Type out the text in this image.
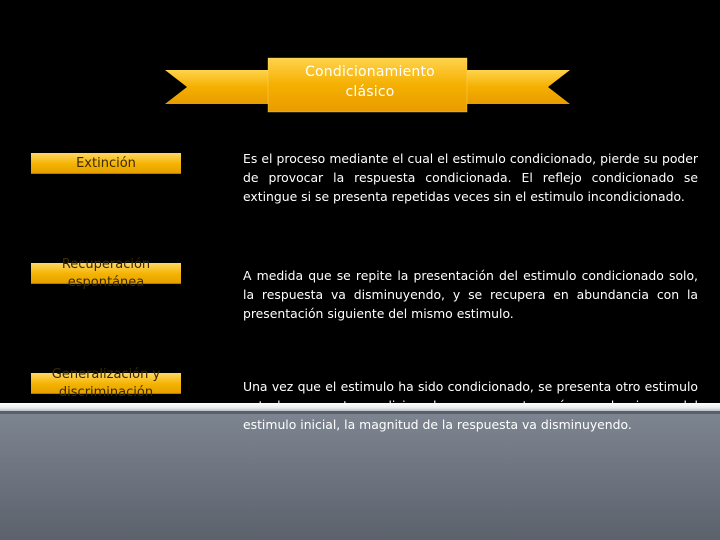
Condicionamiento
clásico
Extinción	Es el proceso mediante el cual el estimulo condicionado, pierde su poder de provocar la respuesta condicionada. El reflejo condicionado se extingue si se presenta repetidas veces sin el estimulo incondicionado.
Recuperación espontánea	A medida que se repite la presentación del estimulo condicionado solo, la respuesta va disminuyendo, y se recupera en abundancia con la presentación siguiente del mismo estimulo.
Generalización y discriminación	Una vez que el estimulo ha sido condicionado, se presenta otro estimulo estimulo inicial, la magnitud de la respuesta va disminuyendo.
